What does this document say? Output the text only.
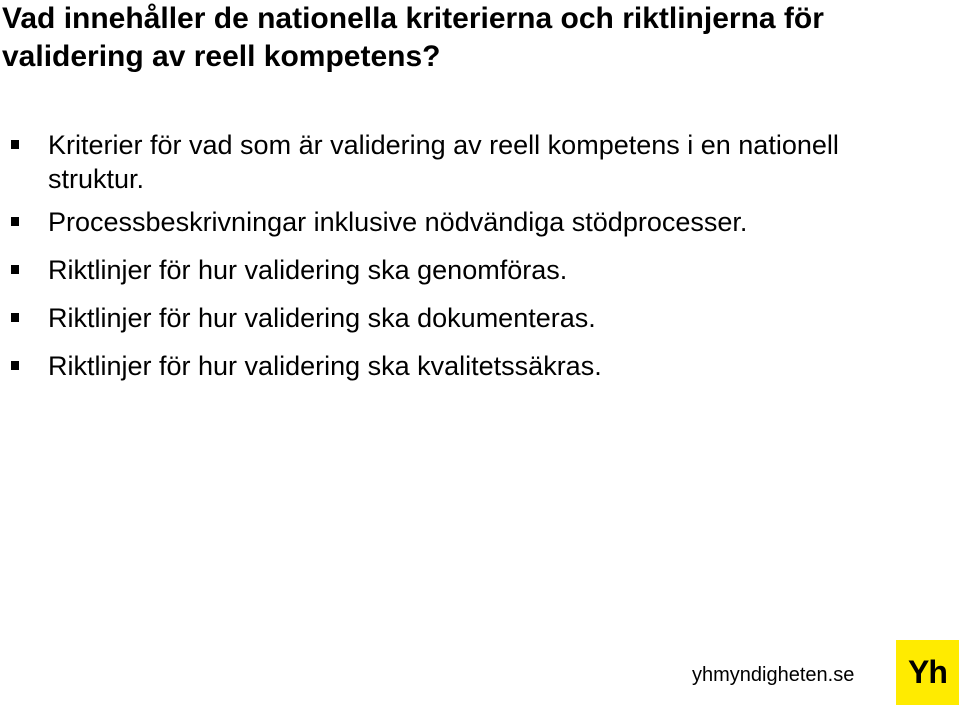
Vad innehåller de nationella kriterierna och riktlinjerna för validering av reell kompetens?
Kriterier för vad som är validering av reell kompetens i en nationell struktur.
Processbeskrivningar inklusive nödvändiga stödprocesser.
Riktlinjer för hur validering ska genomföras.
Riktlinjer för hur validering ska dokumenteras.
Riktlinjer för hur validering ska kvalitetssäkras.
yhmyndigheten.se Yh
